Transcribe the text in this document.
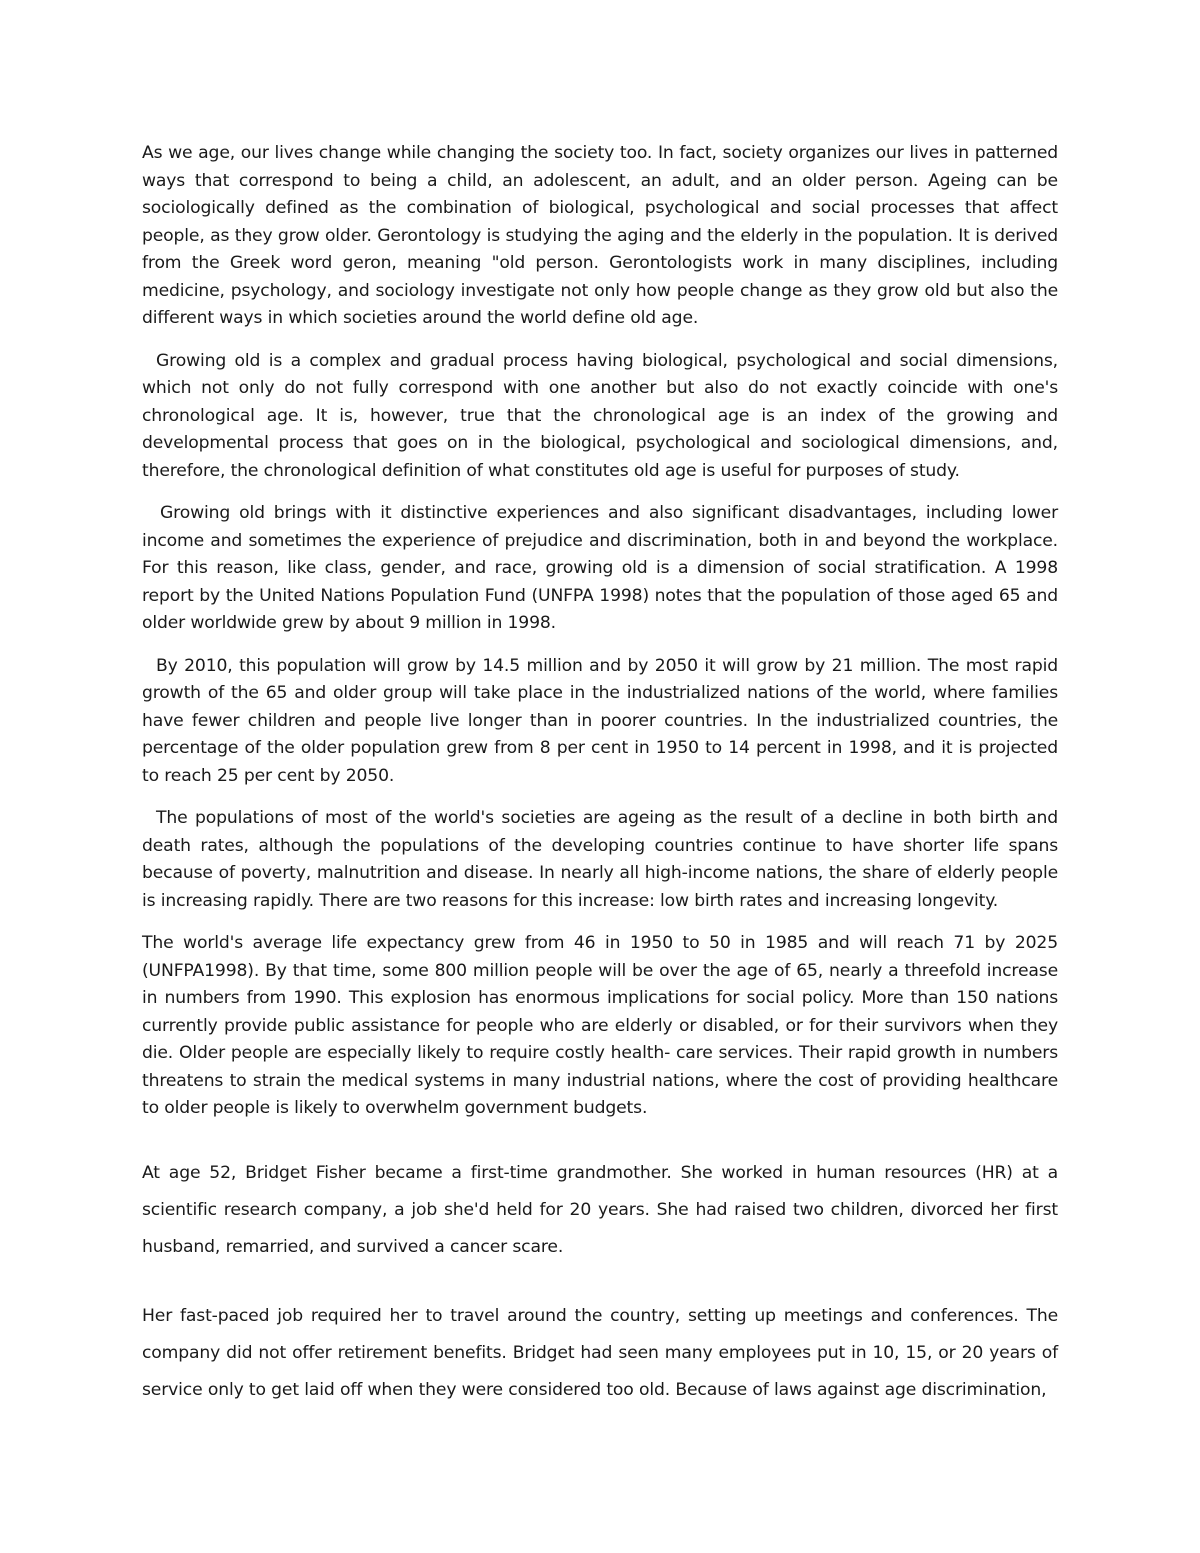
As we age, our lives change while changing the society too. In fact, society organizes our lives in patterned ways that correspond to being a child, an adolescent, an adult, and an older person. Ageing can be sociologically defined as the combination of biological, psychological and social processes that affect people, as they grow older. Gerontology is studying the aging and the elderly in the population. It is derived from the Greek word geron, meaning "old person. Gerontologists work in many disciplines, including medicine, psychology, and sociology investigate not only how people change as they grow old but also the different ways in which societies around the world define old age.

Growing old is a complex and gradual process having biological, psychological and social dimensions, which not only do not fully correspond with one another but also do not exactly coincide with one's chronological age. It is, however, true that the chronological age is an index of the growing and developmental process that goes on in the biological, psychological and sociological dimensions, and, therefore, the chronological definition of what constitutes old age is useful for purposes of study.

Growing old brings with it distinctive experiences and also significant disadvantages, including lower income and sometimes the experience of prejudice and discrimination, both in and beyond the workplace. For this reason, like class, gender, and race, growing old is a dimension of social stratification. A 1998 report by the United Nations Population Fund (UNFPA 1998) notes that the population of those aged 65 and older worldwide grew by about 9 million in 1998.

By 2010, this population will grow by 14.5 million and by 2050 it will grow by 21 million. The most rapid growth of the 65 and older group will take place in the industrialized nations of the world, where families have fewer children and people live longer than in poorer countries. In the industrialized countries, the percentage of the older population grew from 8 per cent in 1950 to 14 percent in 1998, and it is projected to reach 25 per cent by 2050.

The populations of most of the world's societies are ageing as the result of a decline in both birth and death rates, although the populations of the developing countries continue to have shorter life spans because of poverty, malnutrition and disease. In nearly all high-income nations, the share of elderly people is increasing rapidly. There are two reasons for this increase: low birth rates and increasing longevity.

The world's average life expectancy grew from 46 in 1950 to 50 in 1985 and will reach 71 by 2025 (UNFPA1998). By that time, some 800 million people will be over the age of 65, nearly a threefold increase in numbers from 1990. This explosion has enormous implications for social policy. More than 150 nations currently provide public assistance for people who are elderly or disabled, or for their survivors when they die. Older people are especially likely to require costly health- care services. Their rapid growth in numbers threatens to strain the medical systems in many industrial nations, where the cost of providing healthcare to older people is likely to overwhelm government budgets.

At age 52, Bridget Fisher became a first-time grandmother. She worked in human resources (HR) at a scientific research company, a job she'd held for 20 years. She had raised two children, divorced her first husband, remarried, and survived a cancer scare.

Her fast-paced job required her to travel around the country, setting up meetings and conferences. The company did not offer retirement benefits. Bridget had seen many employees put in 10, 15, or 20 years of service only to get laid off when they were considered too old. Because of laws against age discrimination,
